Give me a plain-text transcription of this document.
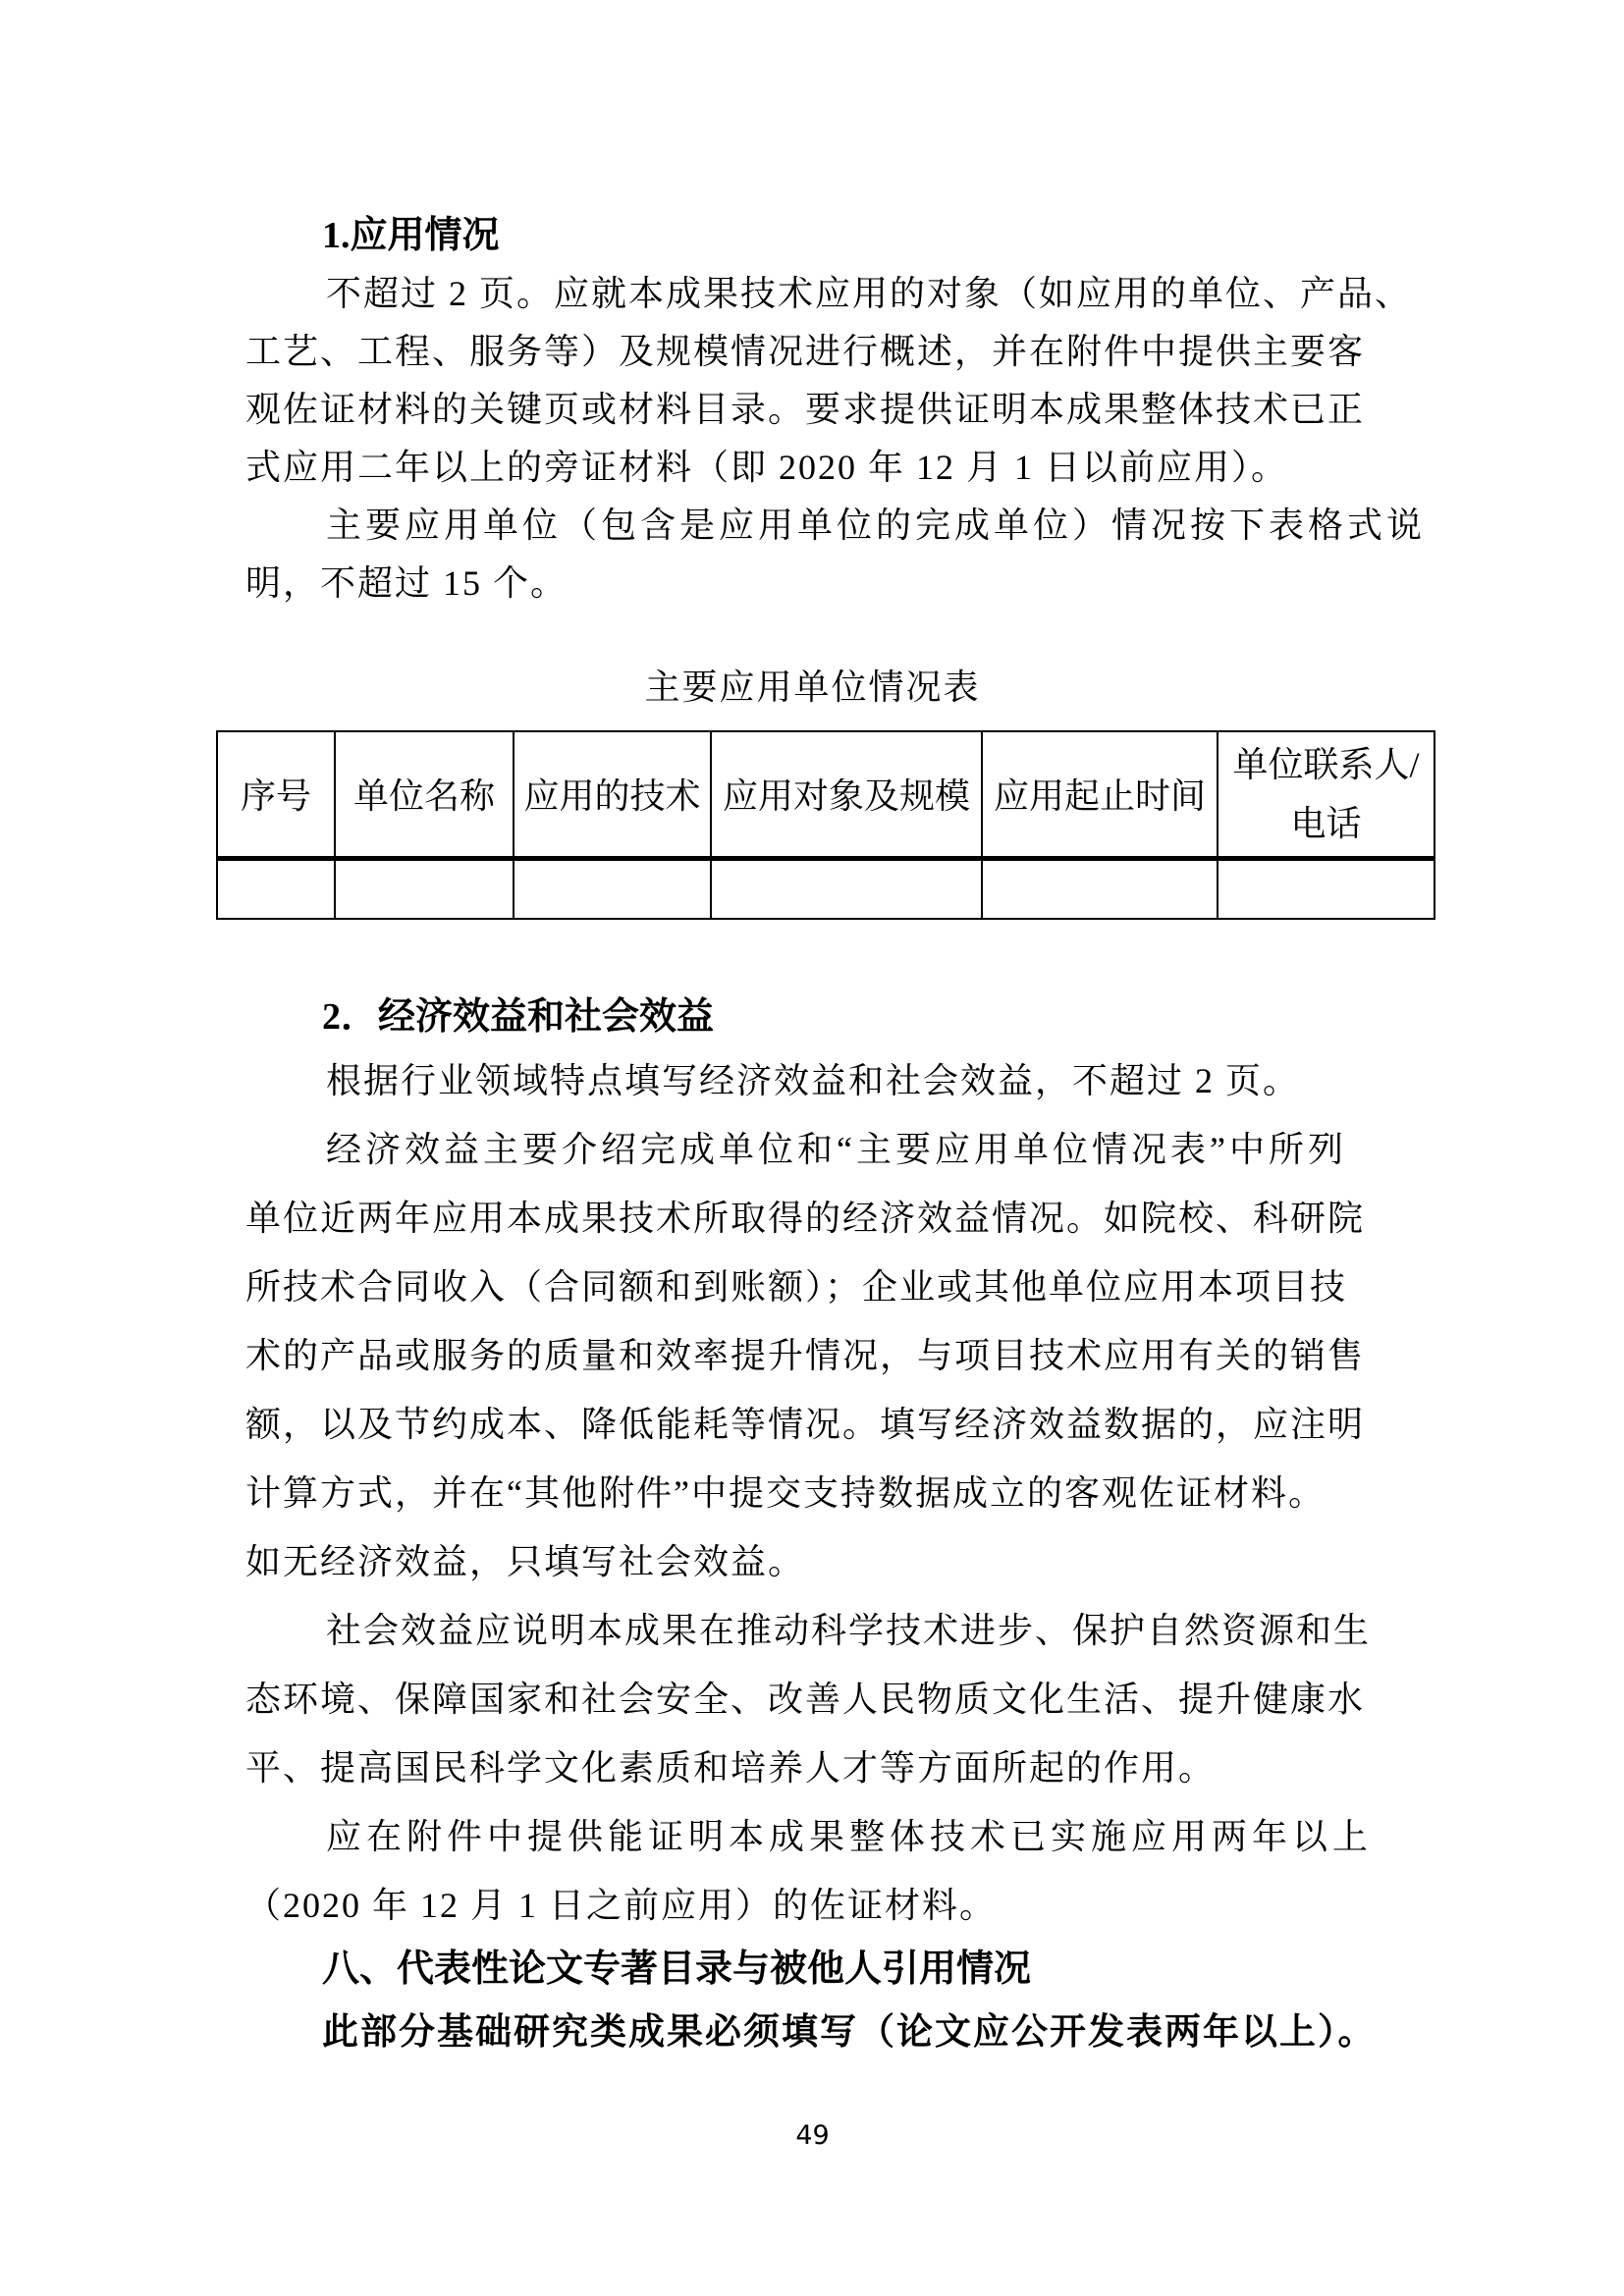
1.应用情况
不超过 2 页。应就本成果技术应用的对象（如应用的单位、产品、
工艺、工程、服务等）及规模情况进行概述，并在附件中提供主要客
观佐证材料的关键页或材料目录。要求提供证明本成果整体技术已正
式应用二年以上的旁证材料（即 2020 年 12 月 1 日以前应用）。
主要应用单位（包含是应用单位的完成单位）情况按下表格式说
明，不超过 15 个。
主要应用单位情况表
序号	单位名称	应用的技术	应用对象及规模	应用起止时间	单位联系人/
电话

2．经济效益和社会效益
根据行业领域特点填写经济效益和社会效益，不超过 2 页。
经济效益主要介绍完成单位和“主要应用单位情况表”中所列
单位近两年应用本成果技术所取得的经济效益情况。如院校、科研院
所技术合同收入（合同额和到账额）；企业或其他单位应用本项目技
术的产品或服务的质量和效率提升情况，与项目技术应用有关的销售
额，以及节约成本、降低能耗等情况。填写经济效益数据的，应注明
计算方式，并在“其他附件”中提交支持数据成立的客观佐证材料。
如无经济效益，只填写社会效益。
社会效益应说明本成果在推动科学技术进步、保护自然资源和生
态环境、保障国家和社会安全、改善人民物质文化生活、提升健康水
平、提高国民科学文化素质和培养人才等方面所起的作用。
应在附件中提供能证明本成果整体技术已实施应用两年以上
（2020 年 12 月 1 日之前应用）的佐证材料。
八、代表性论文专著目录与被他人引用情况
此部分基础研究类成果必须填写（论文应公开发表两年以上）。
49
